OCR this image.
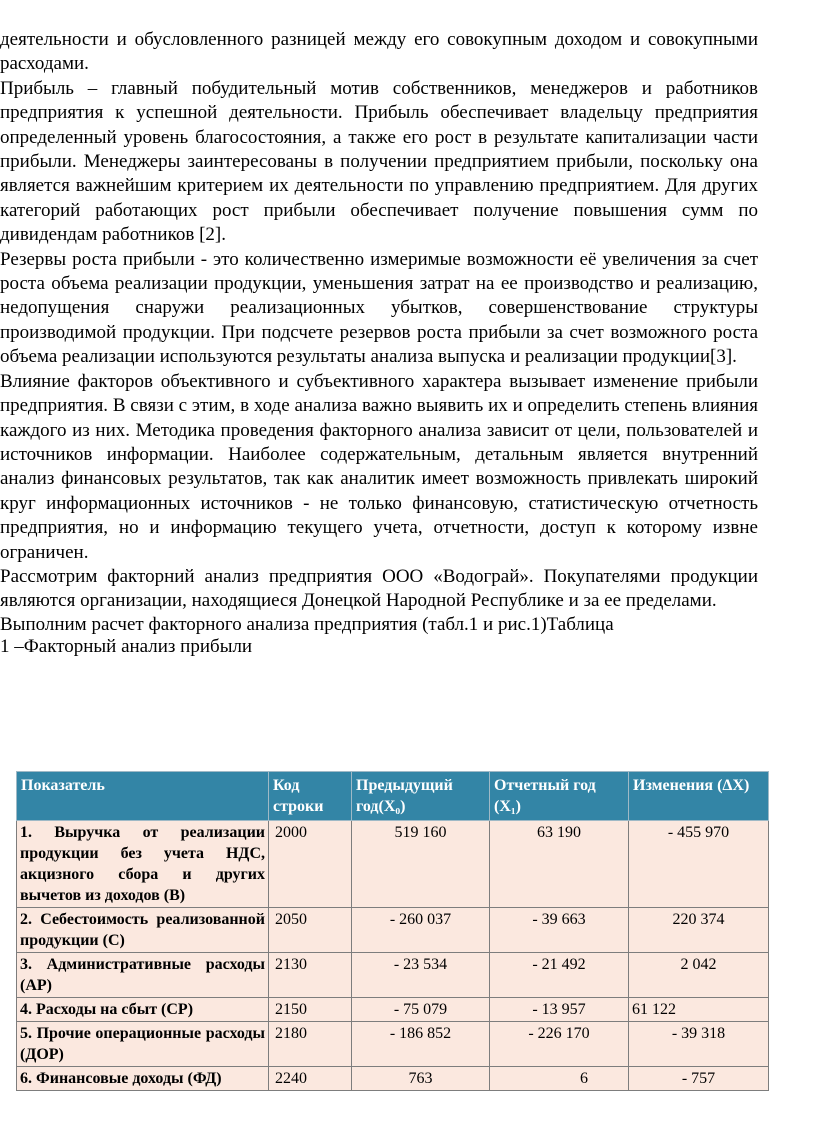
деятельности и обусловленного разницей между его совокупным доходом и совокупными расходами.

Прибыль – главный побудительный мотив собственников, менеджеров и работников предприятия к успешной деятельности. Прибыль обеспечивает владельцу предприятия определенный уровень благосостояния, а также его рост в результате капитализации части прибыли. Менеджеры заинтересованы в получении предприятием прибыли, поскольку она является важнейшим критерием их деятельности по управлению предприятием. Для других категорий работающих рост прибыли обеспечивает получение повышения сумм по дивидендам работников [2].

Резервы роста прибыли - это количественно измеримые возможности её увеличения за счет роста объема реализации продукции, уменьшения затрат на ее производство и реализацию, недопущения снаружи реализационных убытков, совершенствование структуры производимой продукции. При подсчете резервов роста прибыли за счет возможного роста объема реализации используются результаты анализа выпуска и реализации продукции[3].

Влияние факторов объективного и субъективного характера вызывает изменение прибыли предприятия. В связи с этим, в ходе анализа важно выявить их и определить степень влияния каждого из них. Методика проведения факторного анализа зависит от цели, пользователей и источников информации. Наиболее содержательным, детальным является внутренний анализ финансовых результатов, так как аналитик имеет возможность привлекать широкий круг информационных источников - не только финансовую, статистическую отчетность предприятия, но и информацию текущего учета, отчетности, доступ к которому извне ограничен.

Рассмотрим факторний анализ предприятия ООО «Водограй». Покупателями продукции являются организации, находящиеся Донецкой Народной Республике и за ее пределами.

Выполним расчет факторного анализа предприятия (табл.1 и рис.1)Таблица
1 –Факторный анализ прибыли
Показатель	Код строки	Предыдущий год(X₀)	Отчетный год (X₁)	Изменения (ΔX)
1. Выручка от реализации продукции без учета НДС, акцизного сбора и других вычетов из доходов (В)	2000	519 160	63 190	- 455 970
2. Себестоимость реализованной продукции (С)	2050	- 260 037	- 39 663	220 374
3. Административные расходы (АР)	2130	- 23 534	- 21 492	2 042
4. Расходы на сбыт (СР)	2150	- 75 079	- 13 957	61 122
5. Прочие операционные расходы (ДОР)	2180	- 186 852	- 226 170	- 39 318
6. Финансовые доходы (ФД)	2240	763	6	- 757
